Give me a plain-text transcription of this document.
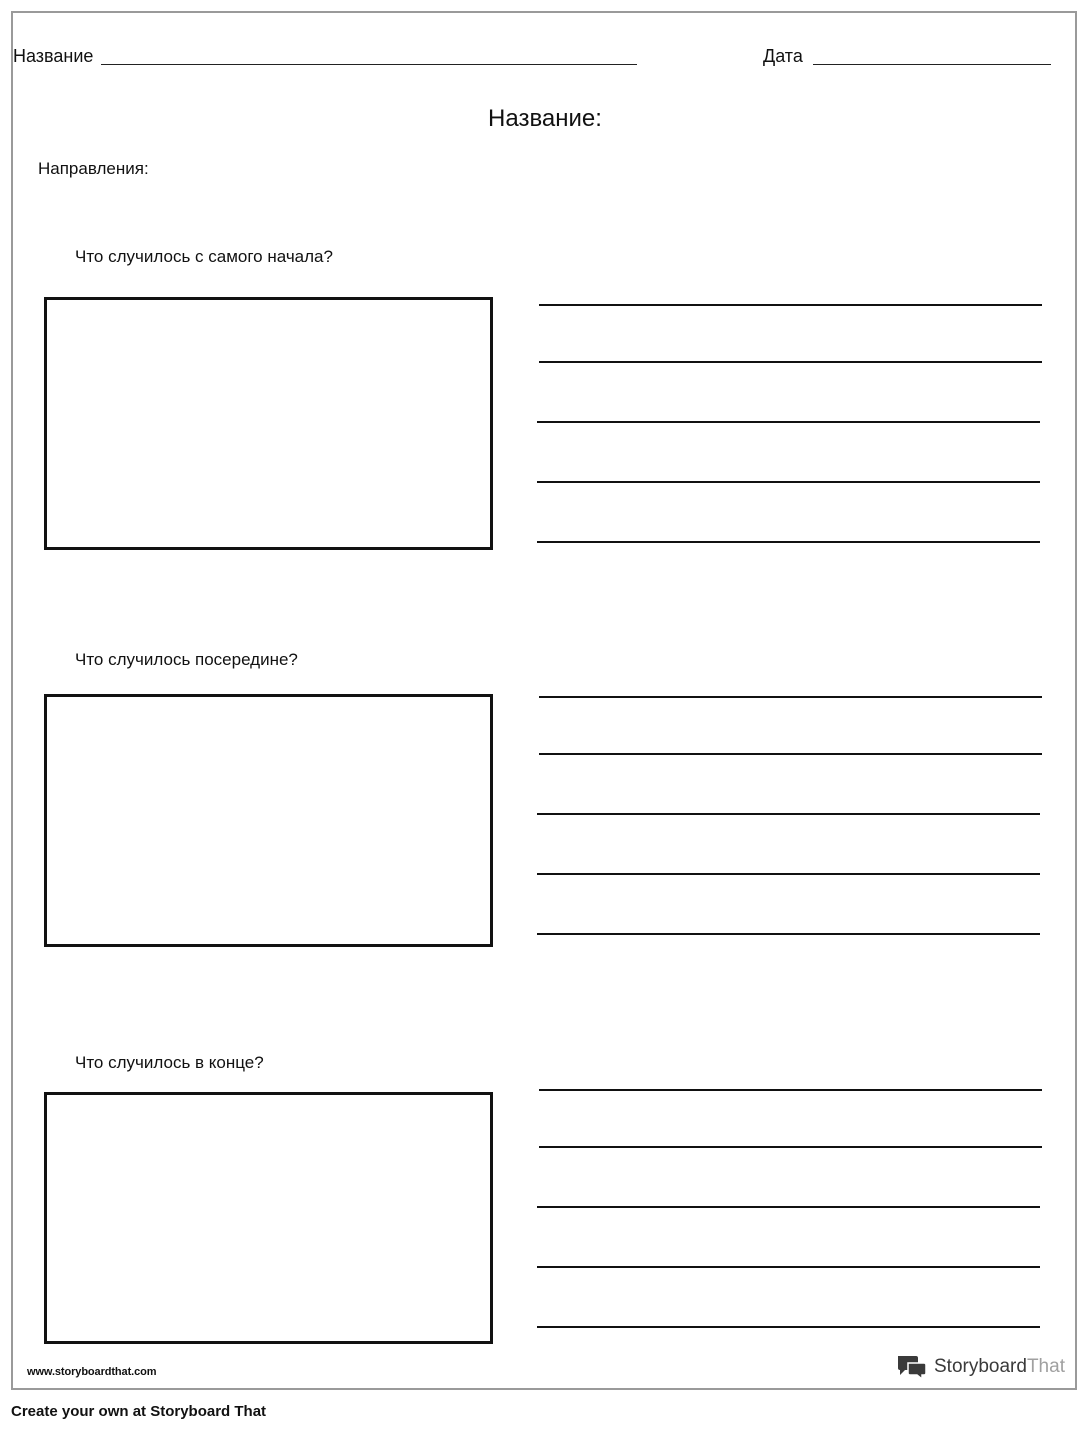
Название	Дата
Название:
Направления:
Что случилось с самого начала?
Что случилось посередине?
Что случилось в конце?
www.storyboardthat.com	StoryboardThat
Create your own at Storyboard That
